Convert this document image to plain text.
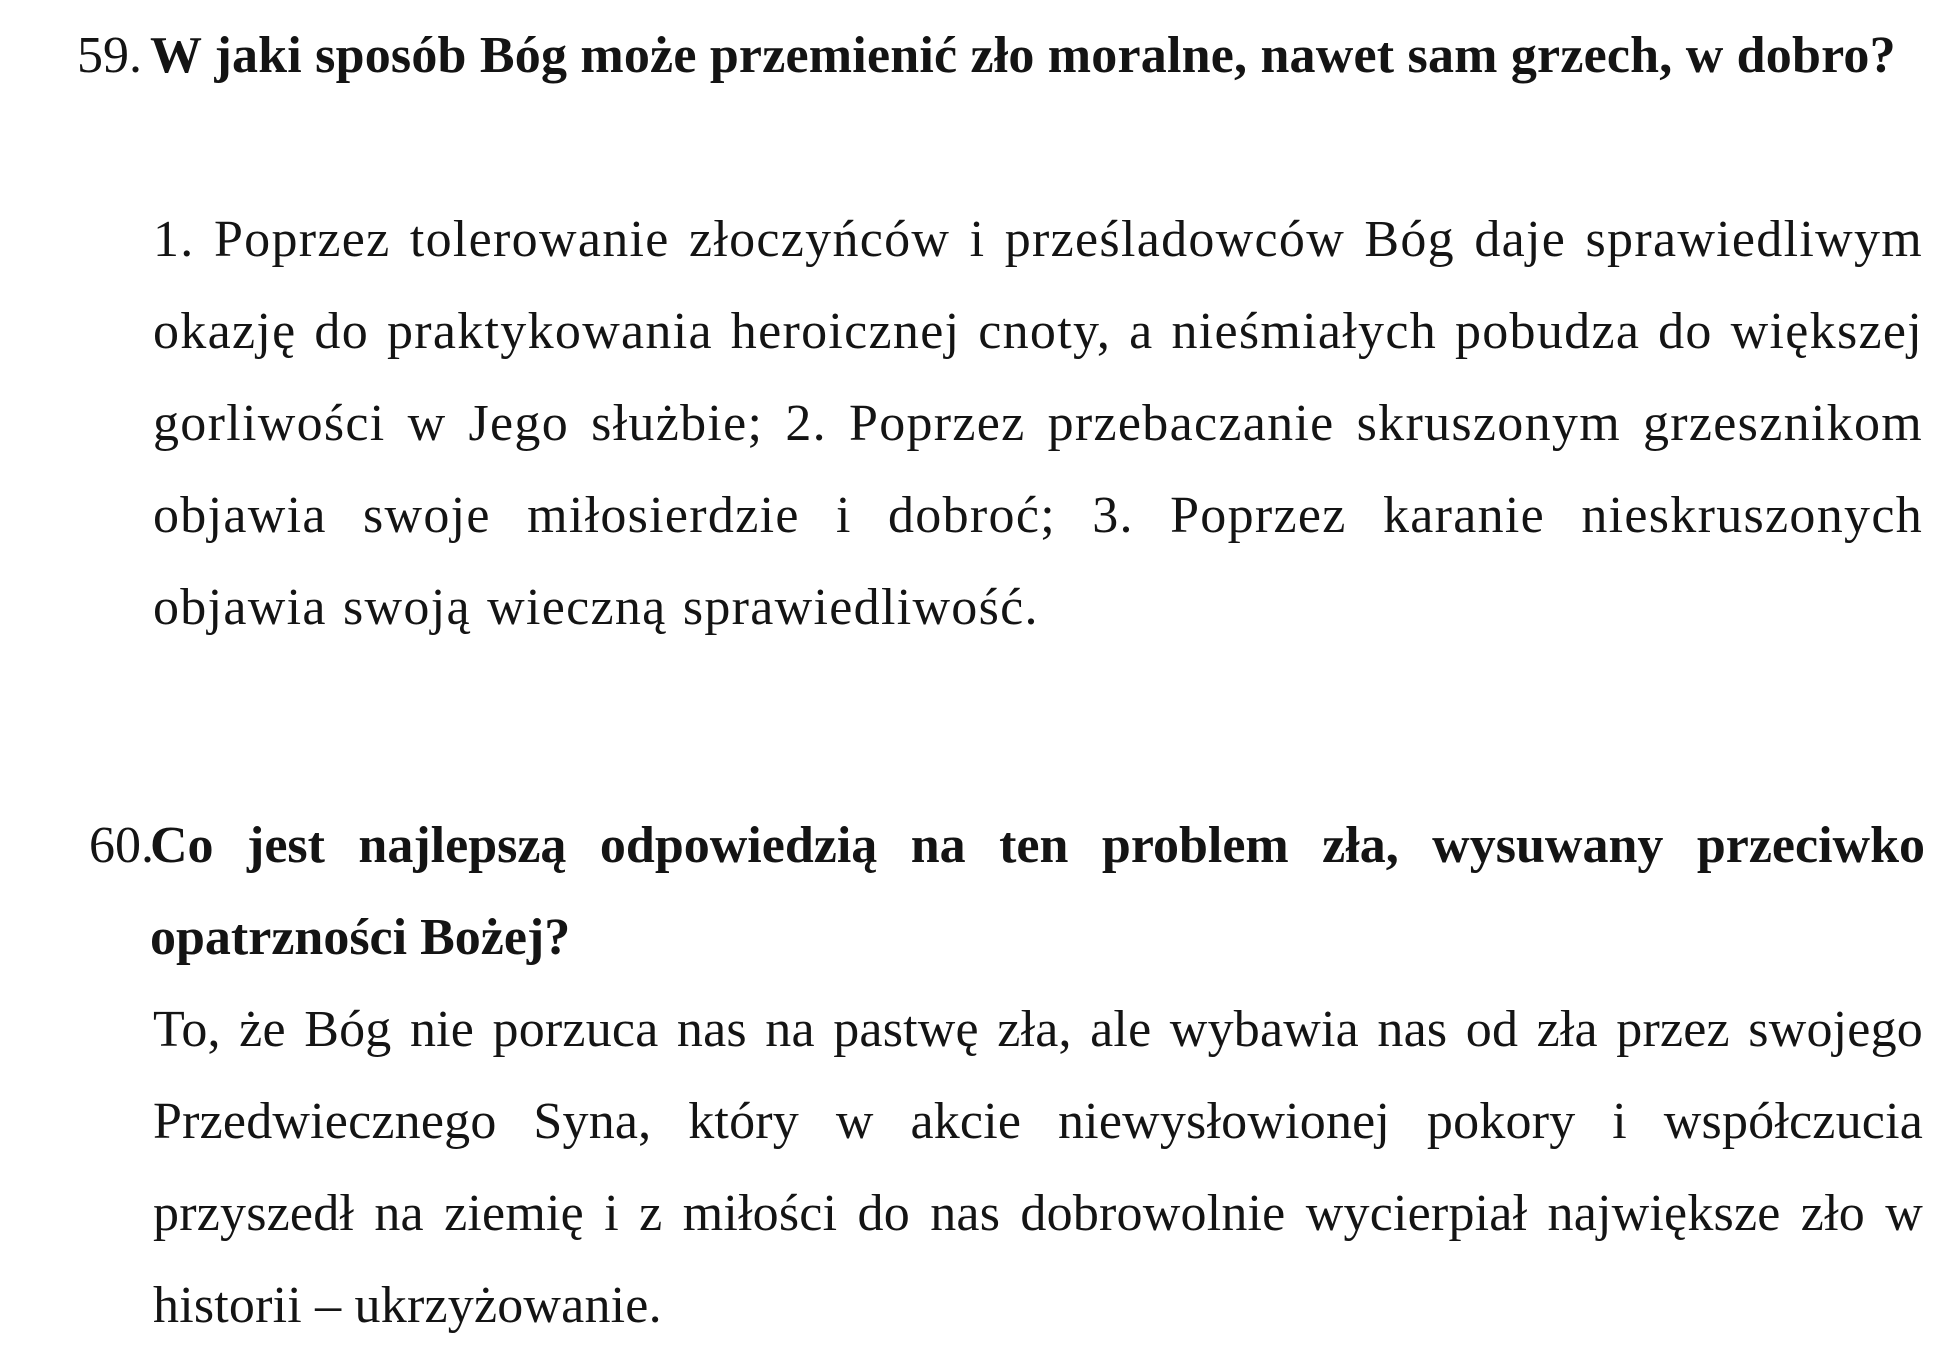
59. W jaki sposób Bóg może przemienić zło moralne, nawet sam grzech, w dobro?

1. Poprzez tolerowanie złoczyńców i prześladowców Bóg daje sprawiedliwym okazję do praktykowania heroicznej cnoty, a nieśmiałych pobudza do większej gorliwości w Jego służbie; 2. Poprzez przebaczanie skruszonym grzesznikom objawia swoje miłosierdzie i dobroć; 3. Poprzez karanie nieskruszonych objawia swoją wieczną sprawiedliwość.

60.
Co jest najlepszą odpowiedzią na ten problem zła, wysuwany przeciwko opatrzności Bożej?

To, że Bóg nie porzuca nas na pastwę zła, ale wybawia nas od zła przez swojego Przedwiecznego Syna, który w akcie niewysłowionej pokory i współczucia przyszedł na ziemię i z miłości do nas dobrowolnie wycierpiał największe zło w historii – ukrzyżowanie.
